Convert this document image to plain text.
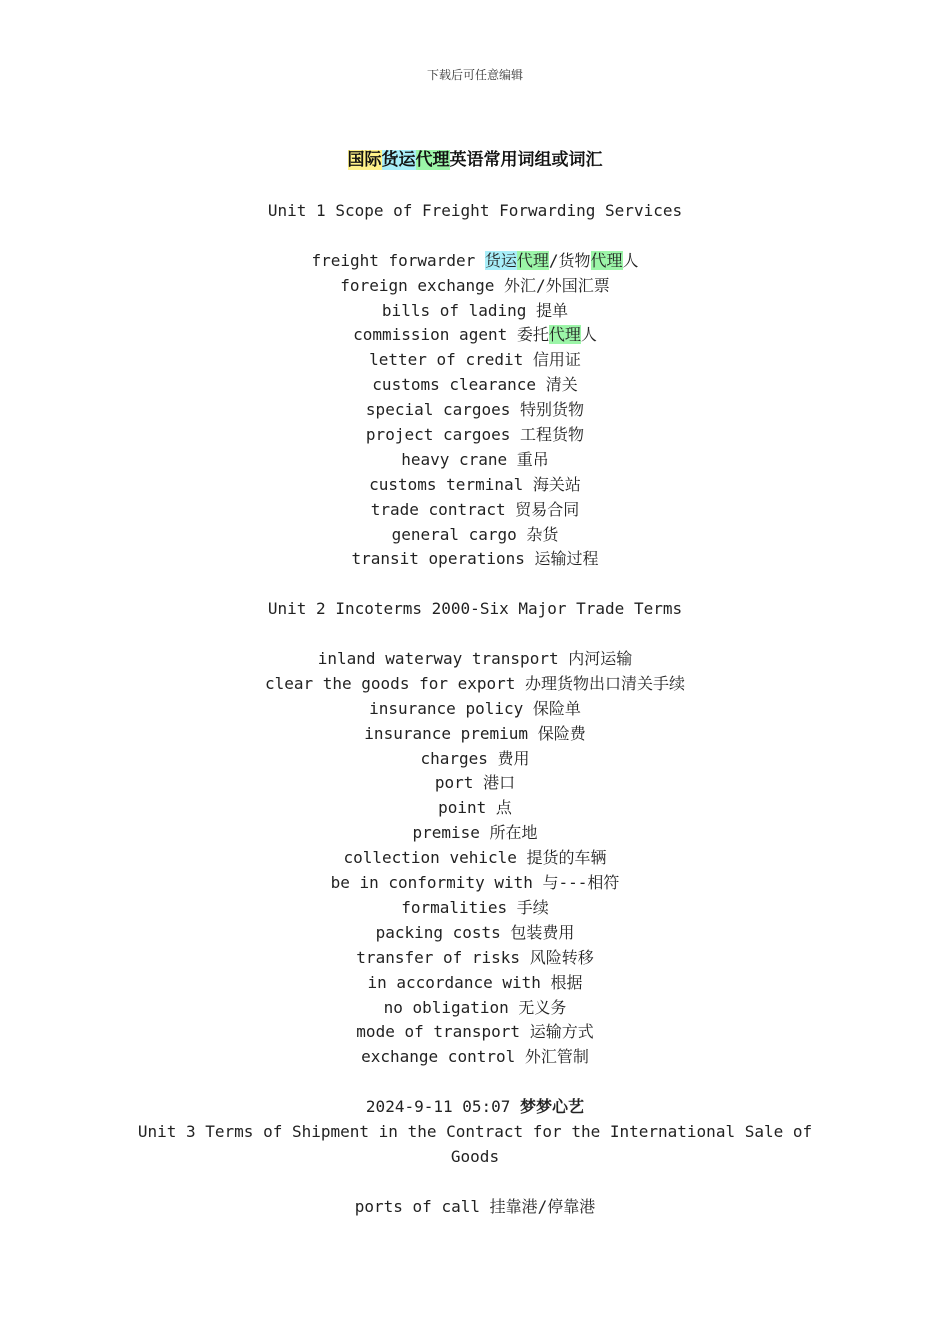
下载后可任意编辑
国际货运代理英语常用词组或词汇
Unit 1 Scope of Freight Forwarding Services
freight forwarder 货运代理/货物代理人
foreign exchange 外汇/外国汇票
bills of lading 提单
commission agent 委托代理人
letter of credit 信用证
customs clearance 清关
special cargoes 特别货物
project cargoes 工程货物
heavy crane 重吊
customs terminal 海关站
trade contract 贸易合同
general cargo 杂货
transit operations 运输过程
Unit 2 Incoterms 2000-Six Major Trade Terms
inland waterway transport 内河运输
clear the goods for export 办理货物出口清关手续
insurance policy 保险单
insurance premium 保险费
charges 费用
port 港口
point 点
premise 所在地
collection vehicle 提货的车辆
be in conformity with 与---相符
formalities 手续
packing costs 包装费用
transfer of risks 风险转移
in accordance with 根据
no obligation 无义务
mode of transport 运输方式
exchange control 外汇管制
2024-9-11 05:07 梦梦心艺
Unit 3 Terms of Shipment in the Contract for the International Sale of Goods
ports of call 挂靠港/停靠港
